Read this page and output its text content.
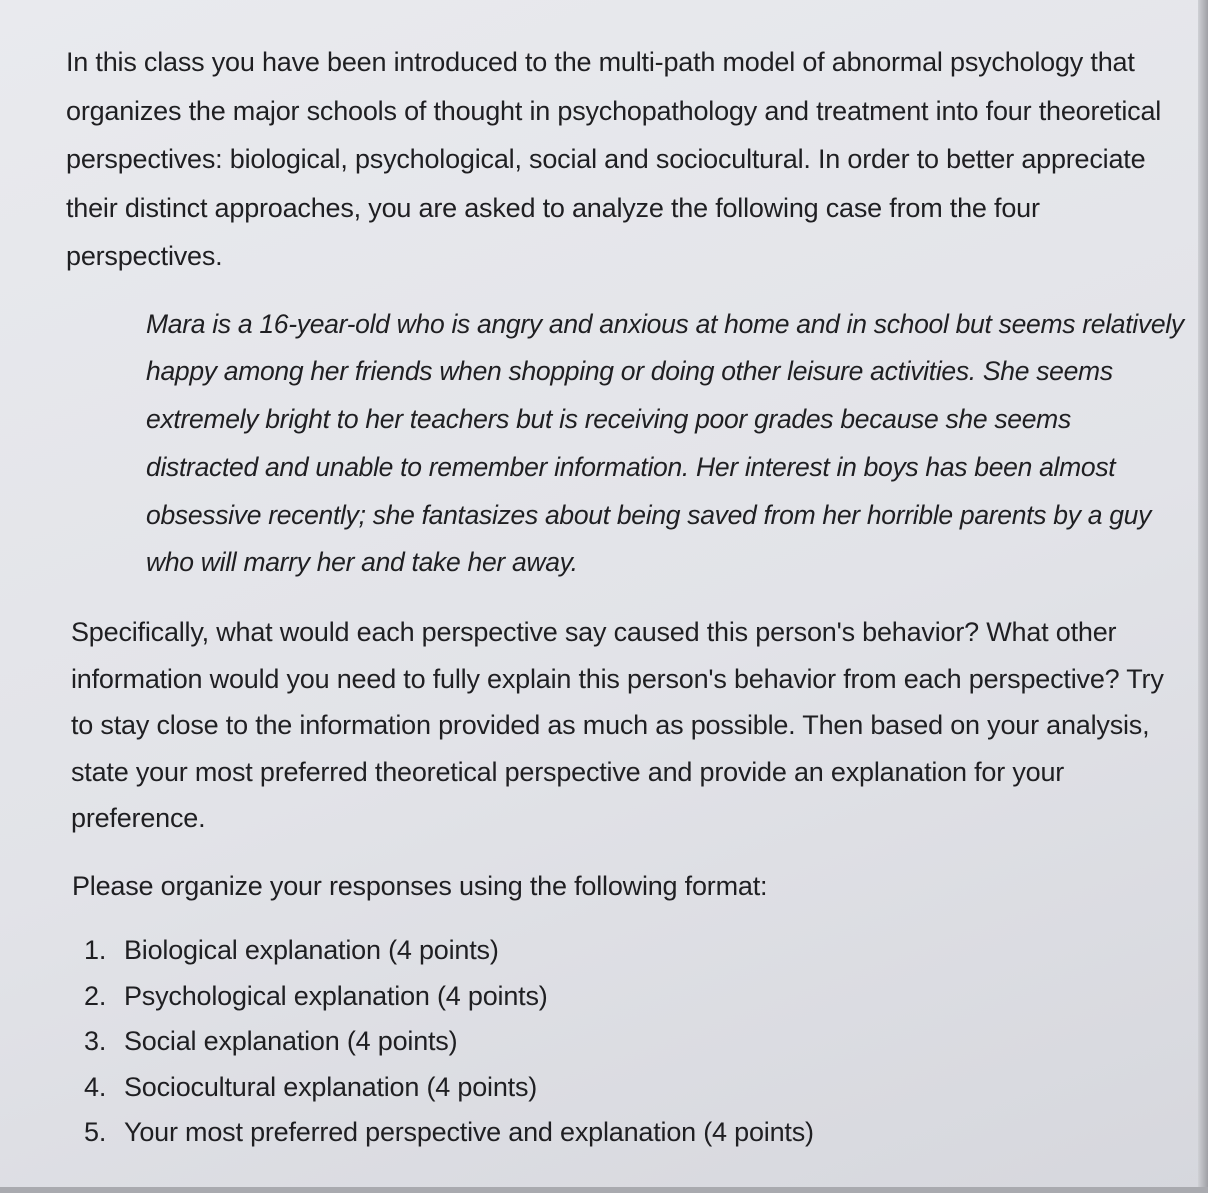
In this class you have been introduced to the multi-path model of abnormal psychology that organizes the major schools of thought in psychopathology and treatment into four theoretical perspectives: biological, psychological, social and sociocultural. In order to better appreciate their distinct approaches, you are asked to analyze the following case from the four perspectives.

Mara is a 16-year-old who is angry and anxious at home and in school but seems relatively happy among her friends when shopping or doing other leisure activities. She seems extremely bright to her teachers but is receiving poor grades because she seems distracted and unable to remember information. Her interest in boys has been almost obsessive recently; she fantasizes about being saved from her horrible parents by a guy who will marry her and take her away.

Specifically, what would each perspective say caused this person's behavior? What other information would you need to fully explain this person's behavior from each perspective? Try to stay close to the information provided as much as possible. Then based on your analysis, state your most preferred theoretical perspective and provide an explanation for your preference.

Please organize your responses using the following format:

1. Biological explanation (4 points)
2. Psychological explanation (4 points)
3. Social explanation (4 points)
4. Sociocultural explanation (4 points)
5. Your most preferred perspective and explanation (4 points)
